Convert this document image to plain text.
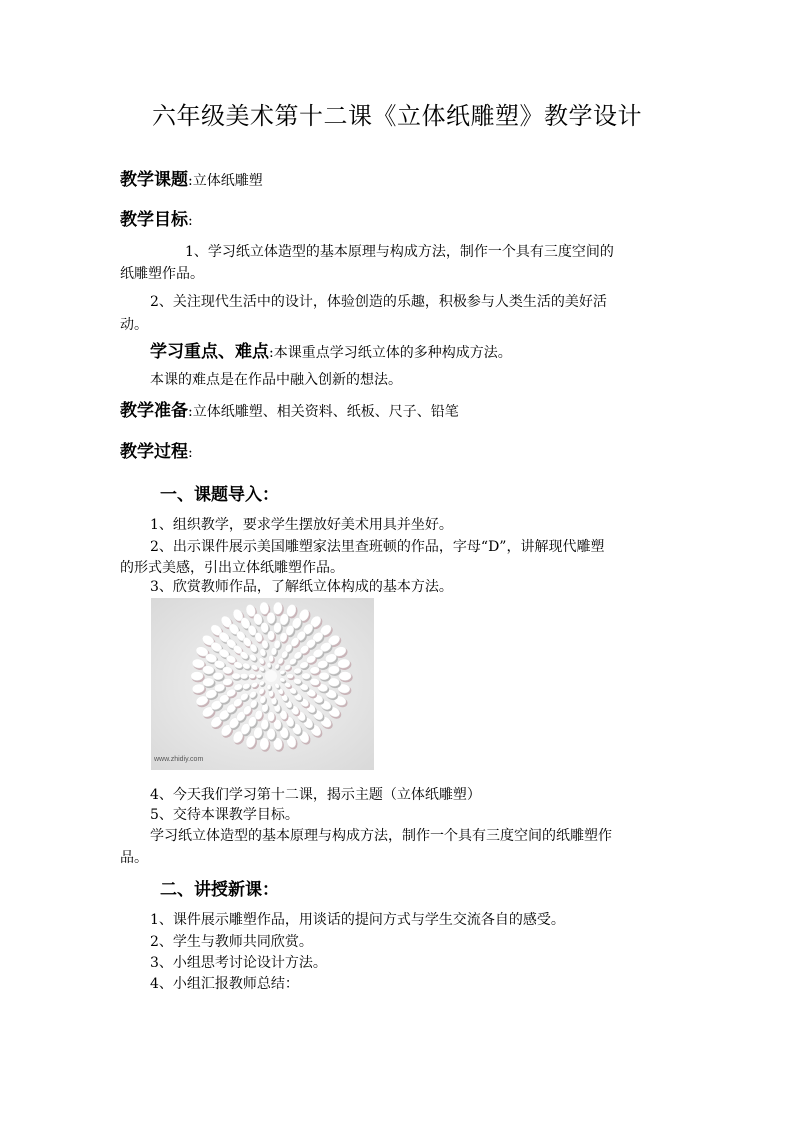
六年级美术第十二课《立体纸雕塑》教学设计
教学课题:立体纸雕塑
教学目标:
1、学习纸立体造型的基本原理与构成方法，制作一个具有三度空间的
纸雕塑作品。
2、关注现代生活中的设计，体验创造的乐趣，积极参与人类生活的美好活
动。
学习重点、难点:本课重点学习纸立体的多种构成方法。
本课的难点是在作品中融入创新的想法。
教学准备:立体纸雕塑、相关资料、纸板、尺子、铅笔
教学过程:
一、课题导入：
1、组织教学，要求学生摆放好美术用具并坐好。
2、出示课件展示美国雕塑家法里查班顿的作品，字母“D”，讲解现代雕塑
的形式美感，引出立体纸雕塑作品。
3、欣赏教师作品，了解纸立体构成的基本方法。
www.zhidiy.com
4、今天我们学习第十二课，揭示主题（立体纸雕塑）
5、交待本课教学目标。
学习纸立体造型的基本原理与构成方法，制作一个具有三度空间的纸雕塑作
品。
二、讲授新课：
1、课件展示雕塑作品，用谈话的提问方式与学生交流各自的感受。
2、学生与教师共同欣赏。
3、小组思考讨论设计方法。
4、小组汇报教师总结：
